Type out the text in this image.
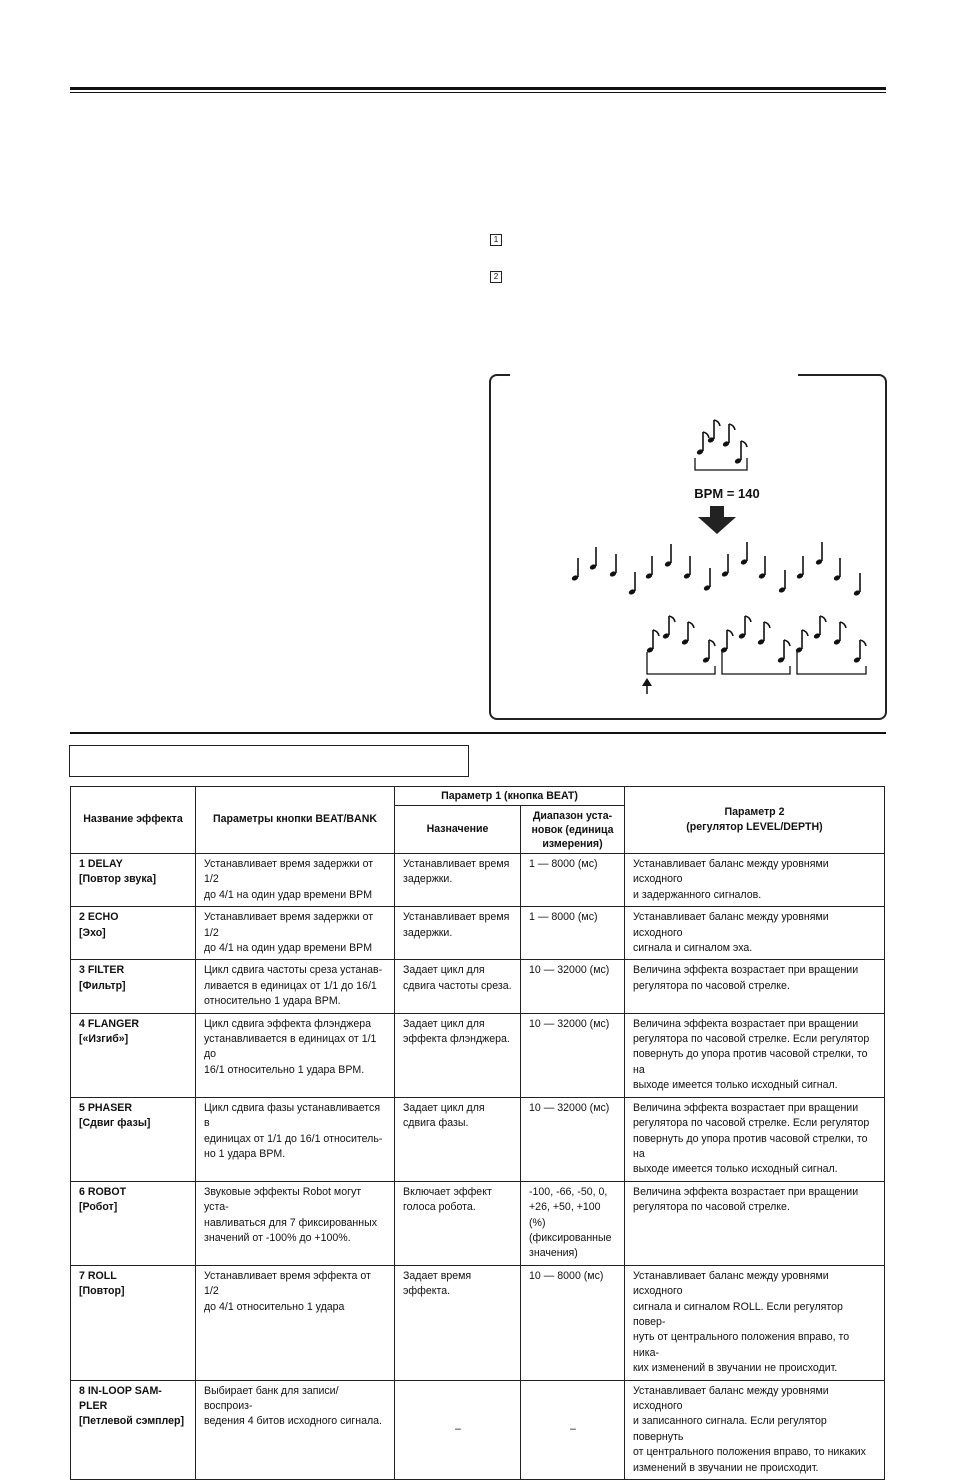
1
2
BPM = 140
Название эффекта	Параметры кнопки BEAT/BANK	Параметр 1 (кнопка BEAT)		Параметр 2
(регулятор LEVEL/DEPTH)

		Назначение	Диапазон уста-
новок (единица
измерения)	

1 DELAY
[Повтор звука]	Устанавливает время задержки от 1/2
до 4/1 на один удар времени BPM	Устанавливает время
задержки.	1 — 8000 (мс)	Устанавливает баланс между уровнями исходного
и задержанного сигналов.

2 ECHO
[Эхо]	Устанавливает время задержки от 1/2
до 4/1 на один удар времени BPM	Устанавливает время
задержки.	1 — 8000 (мс)	Устанавливает баланс между уровнями исходного
сигнала и сигналом эха.

3 FILTER
[Фильтр]	Цикл сдвига частоты среза устанав-
ливается в единицах от 1/1 до 16/1
относительно 1 удара BPM.	Задает цикл для
сдвига частоты среза.	10 — 32000 (мс)	Величина эффекта возрастает при вращении
регулятора по часовой стрелке.

4 FLANGER
[«Изгиб»]	Цикл сдвига эффекта флэнджера
устанавливается в единицах от 1/1 до
16/1 относительно 1 удара BPM.	Задает цикл для
эффекта флэнджера.	10 — 32000 (мс)	Величина эффекта возрастает при вращении
регулятора по часовой стрелке. Если регулятор
повернуть до упора против часовой стрелки, то на
выходе имеется только исходный сигнал.

5 PHASER
[Сдвиг фазы]	Цикл сдвига фазы устанавливается в
единицах от 1/1 до 16/1 относитель-
но 1 удара BPM.	Задает цикл для
сдвига фазы.	10 — 32000 (мс)	Величина эффекта возрастает при вращении
регулятора по часовой стрелке. Если регулятор
повернуть до упора против часовой стрелки, то на
выходе имеется только исходный сигнал.

6 ROBOT
[Робот]	Звуковые эффекты Robot могут уста-
навливаться для 7 фиксированных
значений от -100% до +100%.	Включает эффект
голоса робота.	-100, -66, -50, 0,
+26, +50, +100 (%)
(фиксированные
значения)	Величина эффекта возрастает при вращении
регулятора по часовой стрелке.

7 ROLL
[Повтор]	Устанавливает время эффекта от 1/2
до 4/1 относительно 1 удара	Задает время эффекта.	10 — 8000 (мс)	Устанавливает баланс между уровнями исходного
сигнала и сигналом ROLL. Если регулятор повер-
нуть от центрального положения вправо, то ника-
ких изменений в звучании не происходит.

8 IN-LOOP SAM-
PLER
[Петлевой сэмплер]	Выбирает банк для записи/воспроиз-
ведения 4 битов исходного сигнала.	–	–	Устанавливает баланс между уровнями исходного
и записанного сигнала. Если регулятор повернуть
от центрального положения вправо, то никаких
изменений в звучании не происходит.
